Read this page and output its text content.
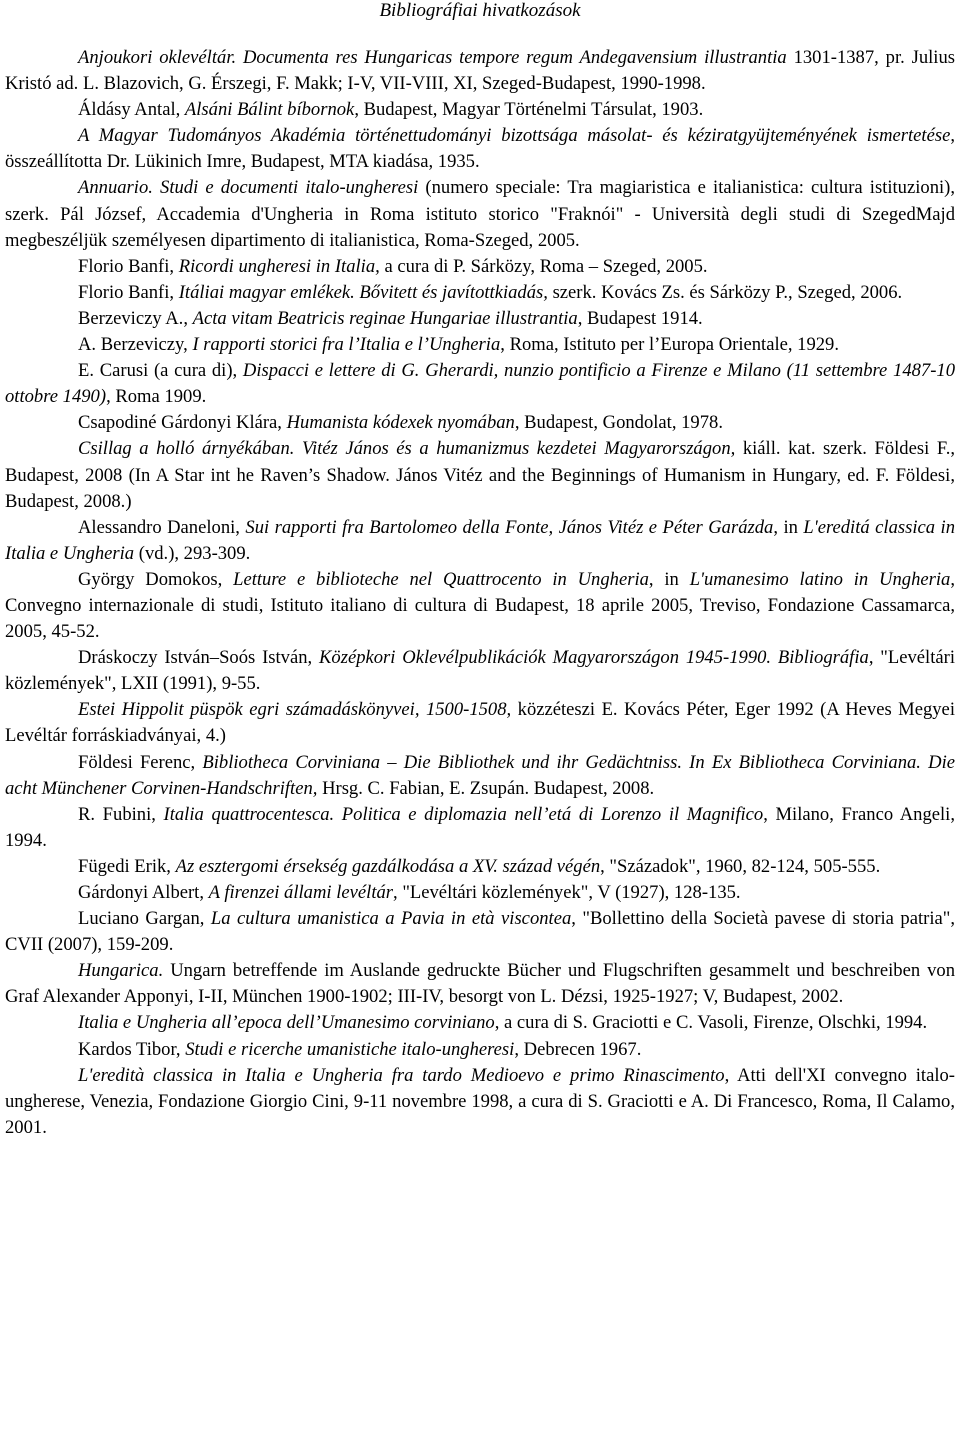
Bibliográfiai hivatkozások

Anjoukori oklevéltár. Documenta res Hungaricas tempore regum Andegavensium illustrantia 1301-1387, pr. Julius Kristó ad. L. Blazovich, G. Érszegi, F. Makk; I-V, VII-VIII, XI, Szeged-Budapest, 1990-1998.

Áldásy Antal, Alsáni Bálint bíbornok, Budapest, Magyar Történelmi Társulat, 1903.

A Magyar Tudományos Akadémia történettudományi bizottsága másolat- és kéziratgyüjteményének ismertetése, összeállította Dr. Lükinich Imre, Budapest, MTA kiadása, 1935.

Annuario. Studi e documenti italo-ungheresi (numero speciale: Tra magiaristica e italianistica: cultura istituzioni), szerk. Pál József, Accademia d'Ungheria in Roma istituto storico "Fraknói" - Università degli studi di SzegedMajd megbeszéljük személyesen dipartimento di italianistica, Roma-Szeged, 2005.

Florio Banfi, Ricordi ungheresi in Italia, a cura di P. Sárközy, Roma – Szeged, 2005.

Florio Banfi, Itáliai magyar emlékek. Bővitett és javítottkiadás, szerk. Kovács Zs. és Sárközy P., Szeged, 2006.

Berzeviczy A., Acta vitam Beatricis reginae Hungariae illustrantia, Budapest 1914.

A. Berzeviczy, I rapporti storici fra l’Italia e l’Ungheria, Roma, Istituto per l’Europa Orientale, 1929.

E. Carusi (a cura di), Dispacci e lettere di G. Gherardi, nunzio pontificio a Firenze e Milano (11 settembre 1487-10 ottobre 1490), Roma 1909.

Csapodiné Gárdonyi Klára, Humanista kódexek nyomában, Budapest, Gondolat, 1978.

Csillag a holló árnyékában. Vitéz János és a humanizmus kezdetei Magyarországon, kiáll. kat. szerk. Földesi F., Budapest, 2008 (In A Star int he Raven’s Shadow. János Vitéz and the Beginnings of Humanism in Hungary, ed. F. Földesi, Budapest, 2008.)

Alessandro Daneloni, Sui rapporti fra Bartolomeo della Fonte, János Vitéz e Péter Garázda, in L'ereditá classica in Italia e Ungheria (vd.), 293-309.

György Domokos, Letture e biblioteche nel Quattrocento in Ungheria, in L'umanesimo latino in Ungheria, Convegno internazionale di studi, Istituto italiano di cultura di Budapest, 18 aprile 2005, Treviso, Fondazione Cassamarca, 2005, 45-52.

Dráskoczy István–Soós István, Középkori Oklevélpublikációk Magyarországon 1945-1990. Bibliográfia, "Levéltári közlemények", LXII (1991), 9-55.

Estei Hippolit püspök egri számadáskönyvei, 1500-1508, közzéteszi E. Kovács Péter, Eger 1992 (A Heves Megyei Levéltár forráskiadványai, 4.)

Földesi Ferenc, Bibliotheca Corviniana – Die Bibliothek und ihr Gedächtniss. In Ex Bibliotheca Corviniana. Die acht Münchener Corvinen-Handschriften, Hrsg. C. Fabian, E. Zsupán. Budapest, 2008.

R. Fubini, Italia quattrocentesca. Politica e diplomazia nell’etá di Lorenzo il Magnifico, Milano, Franco Angeli, 1994.

Fügedi Erik, Az esztergomi érsekség gazdálkodása a XV. század végén, "Századok", 1960, 82-124, 505-555.

Gárdonyi Albert, A firenzei állami levéltár, "Levéltári közlemények", V (1927), 128-135.

Luciano Gargan, La cultura umanistica a Pavia in età viscontea, "Bollettino della Società pavese di storia patria", CVII (2007), 159-209.

Hungarica. Ungarn betreffende im Auslande gedruckte Bücher und Flugschriften gesammelt und beschreiben von Graf Alexander Apponyi, I-II, München 1900-1902; III-IV, besorgt von L. Dézsi, 1925-1927; V, Budapest, 2002.

Italia e Ungheria all’epoca dell’Umanesimo corviniano, a cura di S. Graciotti e C. Vasoli, Firenze, Olschki, 1994.

Kardos Tibor, Studi e ricerche umanistiche italo-ungheresi, Debrecen 1967.

L'eredità classica in Italia e Ungheria fra tardo Medioevo e primo Rinascimento, Atti dell'XI convegno italo-ungherese, Venezia, Fondazione Giorgio Cini, 9-11 novembre 1998, a cura di S. Graciotti e A. Di Francesco, Roma, Il Calamo, 2001.
